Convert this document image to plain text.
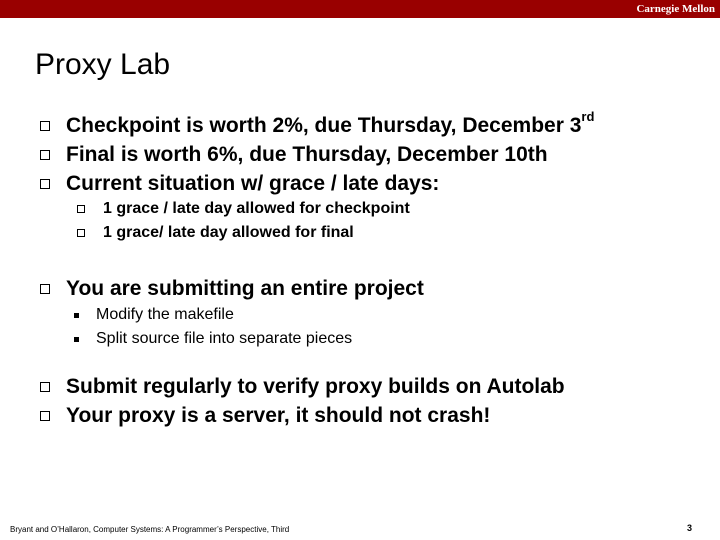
Carnegie Mellon
Proxy Lab
Checkpoint is worth 2%, due Thursday, December 3rd
Final is worth 6%, due Thursday, December 10th
Current situation w/ grace / late days:
1 grace / late day allowed for checkpoint
1 grace/ late day allowed for final
You are submitting an entire project
Modify the makefile
Split source file into separate pieces
Submit regularly to verify proxy builds on Autolab
Your proxy is a server, it should not crash!
Bryant and O’Hallaron, Computer Systems: A Programmer’s Perspective, Third	3
